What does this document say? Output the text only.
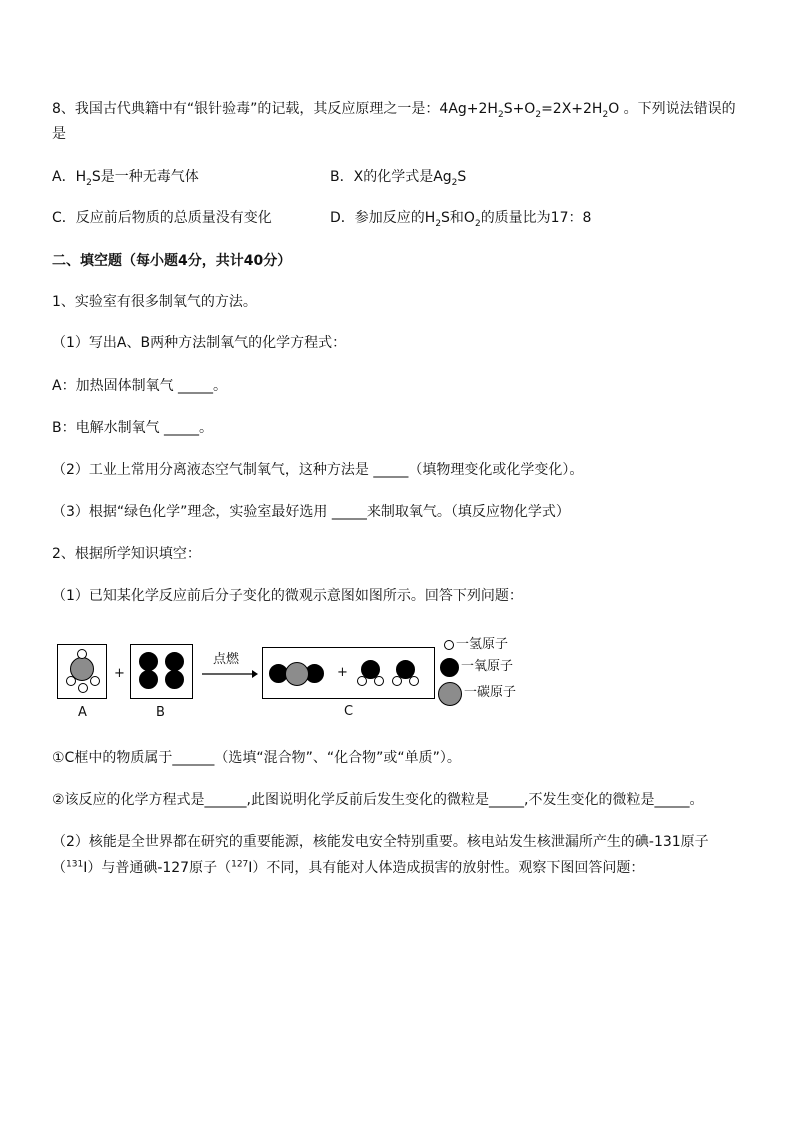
8、我国古代典籍中有“银针验毒”的记载，其反应原理之一是：$4Ag+2H_2S+O_2=2X+2H_2O$ 。下列说法错误的
是
A．$H_2S$是一种无毒气体	B．X的化学式是$Ag_2S$
C．反应前后物质的总质量没有变化	D．参加反应的$H_2S$和$O_2$的质量比为17：8
二、填空题（每小题4分，共计40分）
1、实验室有很多制氧气的方法。
（1）写出A、B两种方法制氧气的化学方程式：
A：加热固体制氧气 _____。
B：电解水制氧气 _____。
（2）工业上常用分离液态空气制氧气，这种方法是 _____（填物理变化或化学变化）。
（3）根据“绿色化学”理念，实验室最好选用 _____来制取氧气。（填反应物化学式）
2、根据所学知识填空：
（1）已知某化学反应前后分子变化的微观示意图如图所示。回答下列问题：
A
+
B
点燃
+
C
一氢原子
一氧原子
一碳原子
①C框中的物质属于______（选填“混合物”、“化合物”或“单质”）。
②该反应的化学方程式是______,此图说明化学反前后发生变化的微粒是_____,不发生变化的微粒是_____。
（2）核能是全世界都在研究的重要能源，核能发电安全特别重要。核电站发生核泄漏所产生的碘-131原子
（$^{131}$I）与普通碘-127原子（$^{127}$I）不同，具有能对人体造成损害的放射性。观察下图回答问题：
